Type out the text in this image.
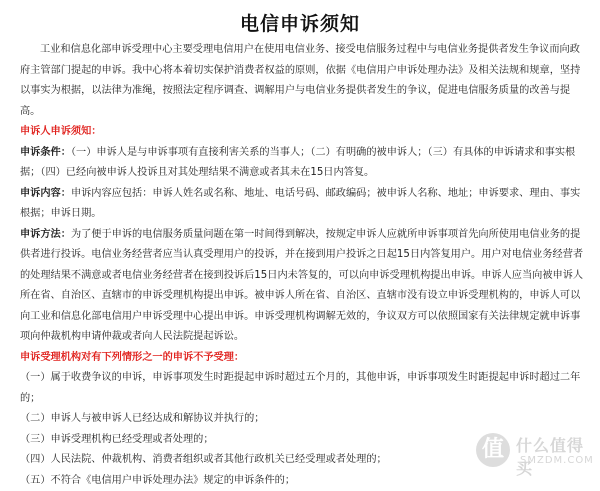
电信申诉须知

工业和信息化部申诉受理中心主要受理电信用户在使用电信业务、接受电信服务过程中与电信业务提供者发生争议而向政府主管部门提起的申诉。我中心将本着切实保护消费者权益的原则，依据《电信用户申诉处理办法》及相关法规和规章，坚持以事实为根据，以法律为准绳，按照法定程序调查、调解用户与电信业务提供者发生的争议，促进电信服务质量的改善与提高。

申诉人申诉须知：

申诉条件：（一）申诉人是与申诉事项有直接利害关系的当事人；（二）有明确的被申诉人；（三）有具体的申诉请求和事实根据；（四）已经向被申诉人投诉且对其处理结果不满意或者其未在15日内答复。

申诉内容：申诉内容应包括：申诉人姓名或名称、地址、电话号码、邮政编码；被申诉人名称、地址；申诉要求、理由、事实根据；申诉日期。

申诉方法：为了便于申诉的电信服务质量问题在第一时间得到解决，按规定申诉人应就所申诉事项首先向所使用电信业务的提供者进行投诉。电信业务经营者应当认真受理用户的投诉，并在接到用户投诉之日起15日内答复用户。用户对电信业务经营者的处理结果不满意或者电信业务经营者在接到投诉后15日内未答复的，可以向申诉受理机构提出申诉。申诉人应当向被申诉人所在省、自治区、直辖市的申诉受理机构提出申诉。被申诉人所在省、自治区、直辖市没有设立申诉受理机构的，申诉人可以向工业和信息化部电信用户申诉受理中心提出申诉。申诉受理机构调解无效的，争议双方可以依照国家有关法律规定就申诉事项向仲裁机构申请仲裁或者向人民法院提起诉讼。

申诉受理机构对有下列情形之一的申诉不予受理：

（一）属于收费争议的申诉，申诉事项发生时距提起申诉时超过五个月的，其他申诉，申诉事项发生时距提起申诉时超过二年的；

（二）申诉人与被申诉人已经达成和解协议并执行的；

（三）申诉受理机构已经受理或者处理的；

（四）人民法院、仲裁机构、消费者组织或者其他行政机关已经受理或者处理的；

（五）不符合《电信用户申诉处理办法》规定的申诉条件的；

值 什么值得买
SMZDM.COM
